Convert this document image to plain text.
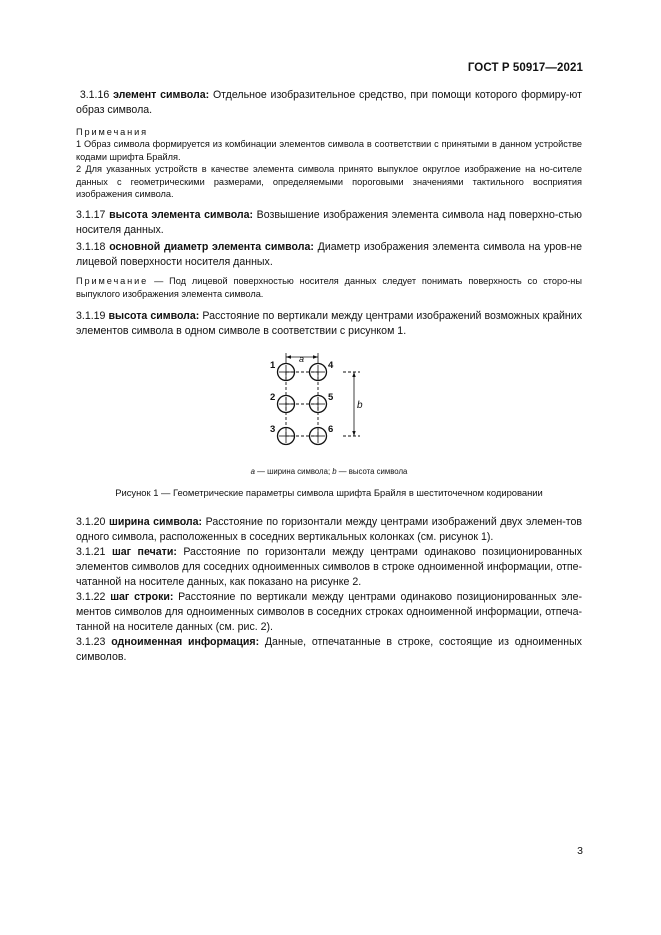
ГОСТ Р 50917—2021

3.1.16 элемент символа: Отдельное изобразительное средство, при помощи которого формиру-ют образ символа.

Примечания

1 Образ символа формируется из комбинации элементов символа в соответствии с принятыми в данном устройстве кодами шрифта Брайля.

2 Для указанных устройств в качестве элемента символа принято выпуклое округлое изображение на но-сителе данных с геометрическими размерами, определяемыми пороговыми значениями тактильного восприятия изображения символа.

3.1.17 высота элемента символа: Возвышение изображения элемента символа над поверхно-стью носителя данных.

3.1.18 основной диаметр элемента символа: Диаметр изображения элемента символа на уров-не лицевой поверхности носителя данных.

Примечание — Под лицевой поверхностью носителя данных следует понимать поверхность со сторо-ны выпуклого изображения элемента символа.

3.1.19 высота символа: Расстояние по вертикали между центрами изображений возможных крайних элементов символа в одном символе в соответствии с рисунком 1.

1
2
3
4
5
6
a
b
a — ширина символа; b — высота символа
Рисунок 1 — Геометрические параметры символа шрифта Брайля в шеститочечном кодировании

3.1.20 ширина символа: Расстояние по горизонтали между центрами изображений двух элемен-тов одного символа, расположенных в соседних вертикальных колонках (см. рисунок 1).

3.1.21 шаг печати: Расстояние по горизонтали между центрами одинаково позиционированных элементов символов для соседних одноименных символов в строке одноименной информации, отпе-чатанной на носителе данных, как показано на рисунке 2.

3.1.22 шаг строки: Расстояние по вертикали между центрами одинаково позиционированных элe-ментов символов для одноименных символов в соседних строках одноименной информации, отпеча-танной на носителе данных (см. рис. 2).

3.1.23 одноименная информация: Данные, отпечатанные в строке, состоящие из одноименных символов.

3
